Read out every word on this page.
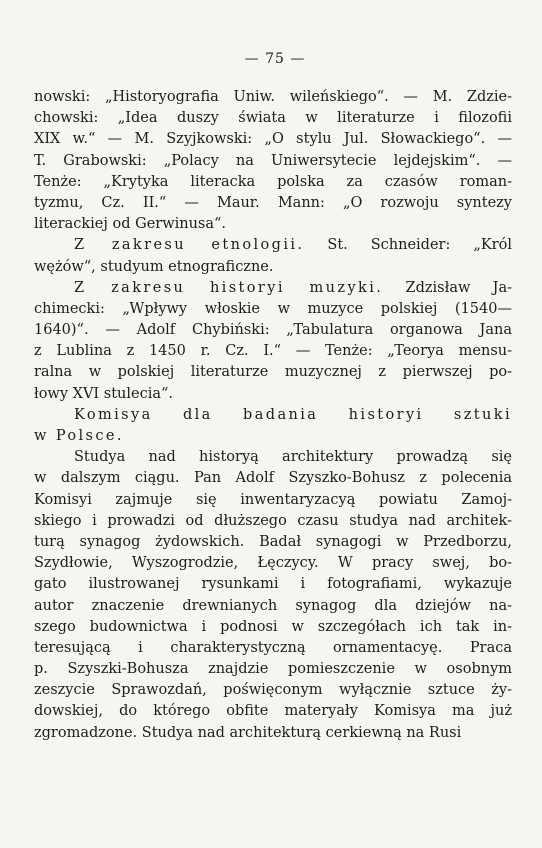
— 75 —
nowski: „Historyografia Uniw. wileńskiego“. — M. Zdzie-
chowski: „Idea duszy świata w literaturze i filozofii
XIX w.“ — M. Szyjkowski: „O stylu Jul. Słowackiego“. —
T. Grabowski: „Polacy na Uniwersytecie lejdejskim“. —
Tenże: „Krytyka literacka polska za czasów roman-
tyzmu, Cz. II.“ — Maur. Mann: „O rozwoju syntezy
literackiej od Gerwinusa“.
Z zakresu etnologii. St. Schneider: „Król
wężów“, studyum etnograficzne.
Z zakresu historyi muzyki. Zdzisław Ja-
chimecki: „Wpływy włoskie w muzyce polskiej (1540—
1640)“. — Adolf Chybiński: „Tabulatura organowa Jana
z Lublina z 1450 r. Cz. I.“ — Tenże: „Teorya mensu-
ralna w polskiej literaturze muzycznej z pierwszej po-
łowy XVI stulecia“.
Komisya dla badania historyi sztuki
w Polsce.
Studya nad historyą architektury prowadzą się
w dalszym ciągu. Pan Adolf Szyszko-Bohusz z polecenia
Komisyi zajmuje się inwentaryzacyą powiatu Zamoj-
skiego i prowadzi od dłuższego czasu studya nad architek-
turą synagog żydowskich. Badał synagogi w Przedborzu,
Szydłowie, Wyszogrodzie, Łęczycy. W pracy swej, bo-
gato ilustrowanej rysunkami i fotografiami, wykazuje
autor znaczenie drewnianych synagog dla dziejów na-
szego budownictwa i podnosi w szczegółach ich tak in-
teresującą i charakterystyczną ornamentacyę. Praca
p. Szyszki-Bohusza znajdzie pomieszczenie w osobnym
zeszycie Sprawozdań, poświęconym wyłącznie sztuce ży-
dowskiej, do którego obfite materyały Komisya ma już
zgromadzone. Studya nad architekturą cerkiewną na Rusi
